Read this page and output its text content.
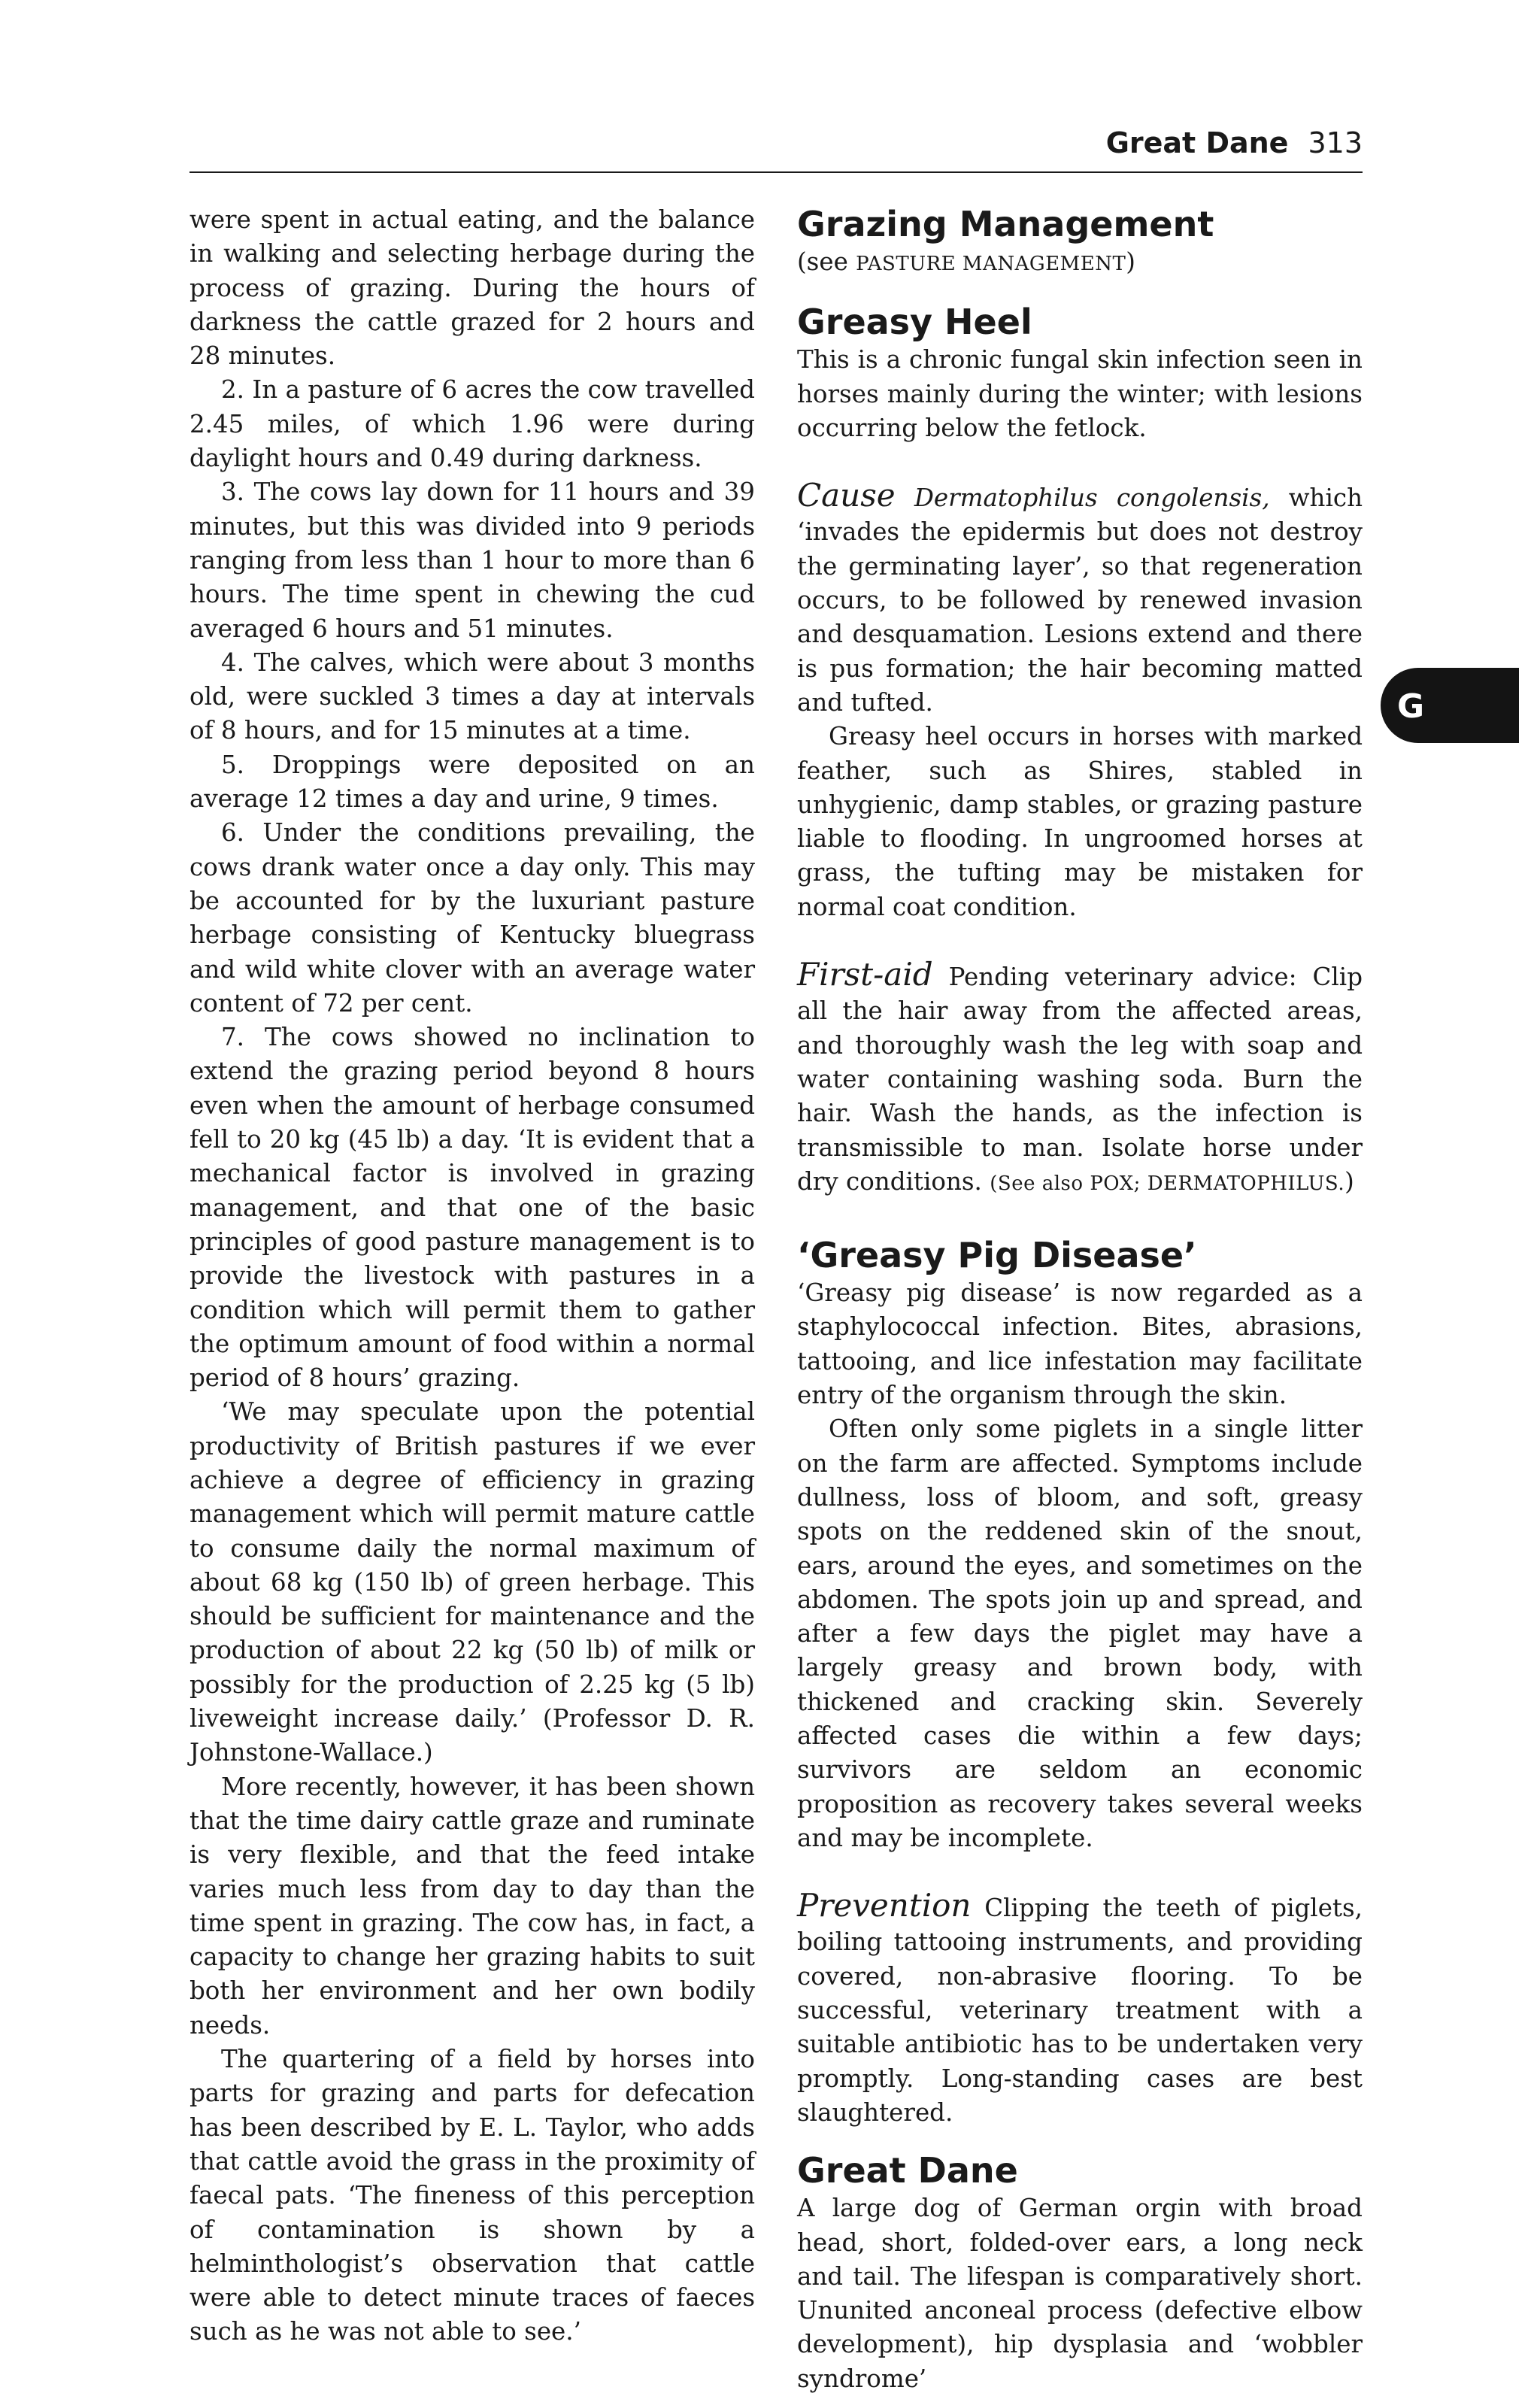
Great Dane 313
G

were spent in actual eating, and the balance in walking and selecting herbage during the process of grazing. During the hours of darkness the cattle grazed for 2 hours and 28 minutes.

2. In a pasture of 6 acres the cow travelled 2.45 miles, of which 1.96 were during daylight hours and 0.49 during darkness.

3. The cows lay down for 11 hours and 39 minutes, but this was divided into 9 periods ranging from less than 1 hour to more than 6 hours. The time spent in chewing the cud averaged 6 hours and 51 minutes.

4. The calves, which were about 3 months old, were suckled 3 times a day at intervals of 8 hours, and for 15 minutes at a time.

5. Droppings were deposited on an average 12 times a day and urine, 9 times.

6. Under the conditions prevailing, the cows drank water once a day only. This may be accounted for by the luxuriant pasture herbage consisting of Kentucky bluegrass and wild white clover with an average water content of 72 per cent.

7. The cows showed no inclination to extend the grazing period beyond 8 hours even when the amount of herbage consumed fell to 20 kg (45 lb) a day. ‘It is evident that a mechanical factor is involved in grazing management, and that one of the basic principles of good pasture management is to provide the livestock with pastures in a condition which will permit them to gather the optimum amount of food within a normal period of 8 hours’ grazing.

‘We may speculate upon the potential productivity of British pastures if we ever achieve a degree of efficiency in grazing management which will permit mature cattle to consume daily the normal maximum of about 68 kg (150 lb) of green herbage. This should be sufficient for maintenance and the production of about 22 kg (50 lb) of milk or possibly for the production of 2.25 kg (5 lb) liveweight increase daily.’ (Professor D. R. Johnstone-Wallace.)

More recently, however, it has been shown that the time dairy cattle graze and ruminate is very flexible, and that the feed intake varies much less from day to day than the time spent in grazing. The cow has, in fact, a capacity to change her grazing habits to suit both her environment and her own bodily needs.

The quartering of a field by horses into parts for grazing and parts for defecation has been described by E. L. Taylor, who adds that cattle avoid the grass in the proximity of faecal pats. ‘The fineness of this perception of contamination is shown by a helminthologist’s observation that cattle were able to detect minute traces of faeces such as he was not able to see.’

Grazing Management

(see PASTURE MANAGEMENT)

Greasy Heel

This is a chronic fungal skin infection seen in horses mainly during the winter; with lesions occurring below the fetlock.

Cause Dermatophilus congolensis, which ‘invades the epidermis but does not destroy the germinating layer’, so that regeneration occurs, to be followed by renewed invasion and desquamation. Lesions extend and there is pus formation; the hair becoming matted and tufted.

Greasy heel occurs in horses with marked feather, such as Shires, stabled in unhygienic, damp stables, or grazing pasture liable to flooding. In ungroomed horses at grass, the tufting may be mistaken for normal coat condition.

First-aid Pending veterinary advice: Clip all the hair away from the affected areas, and thoroughly wash the leg with soap and water containing washing soda. Burn the hair. Wash the hands, as the infection is transmissible to man. Isolate horse under dry conditions. (See also POX; DERMATOPHILUS.)

‘Greasy Pig Disease’

‘Greasy pig disease’ is now regarded as a staphylococcal infection. Bites, abrasions, tattooing, and lice infestation may facilitate entry of the organism through the skin.

Often only some piglets in a single litter on the farm are affected. Symptoms include dullness, loss of bloom, and soft, greasy spots on the reddened skin of the snout, ears, around the eyes, and sometimes on the abdomen. The spots join up and spread, and after a few days the piglet may have a largely greasy and brown body, with thickened and cracking skin. Severely affected cases die within a few days; survivors are seldom an economic proposition as recovery takes several weeks and may be incomplete.

Prevention Clipping the teeth of piglets, boiling tattooing instruments, and providing covered, non-abrasive flooring. To be successful, veterinary treatment with a suitable antibiotic has to be undertaken very promptly. Long-standing cases are best slaughtered.

Great Dane

A large dog of German orgin with broad head, short, folded-over ears, a long neck and tail. The lifespan is comparatively short. Ununited anconeal process (defective elbow development), hip dysplasia and ‘wobbler syndrome’
